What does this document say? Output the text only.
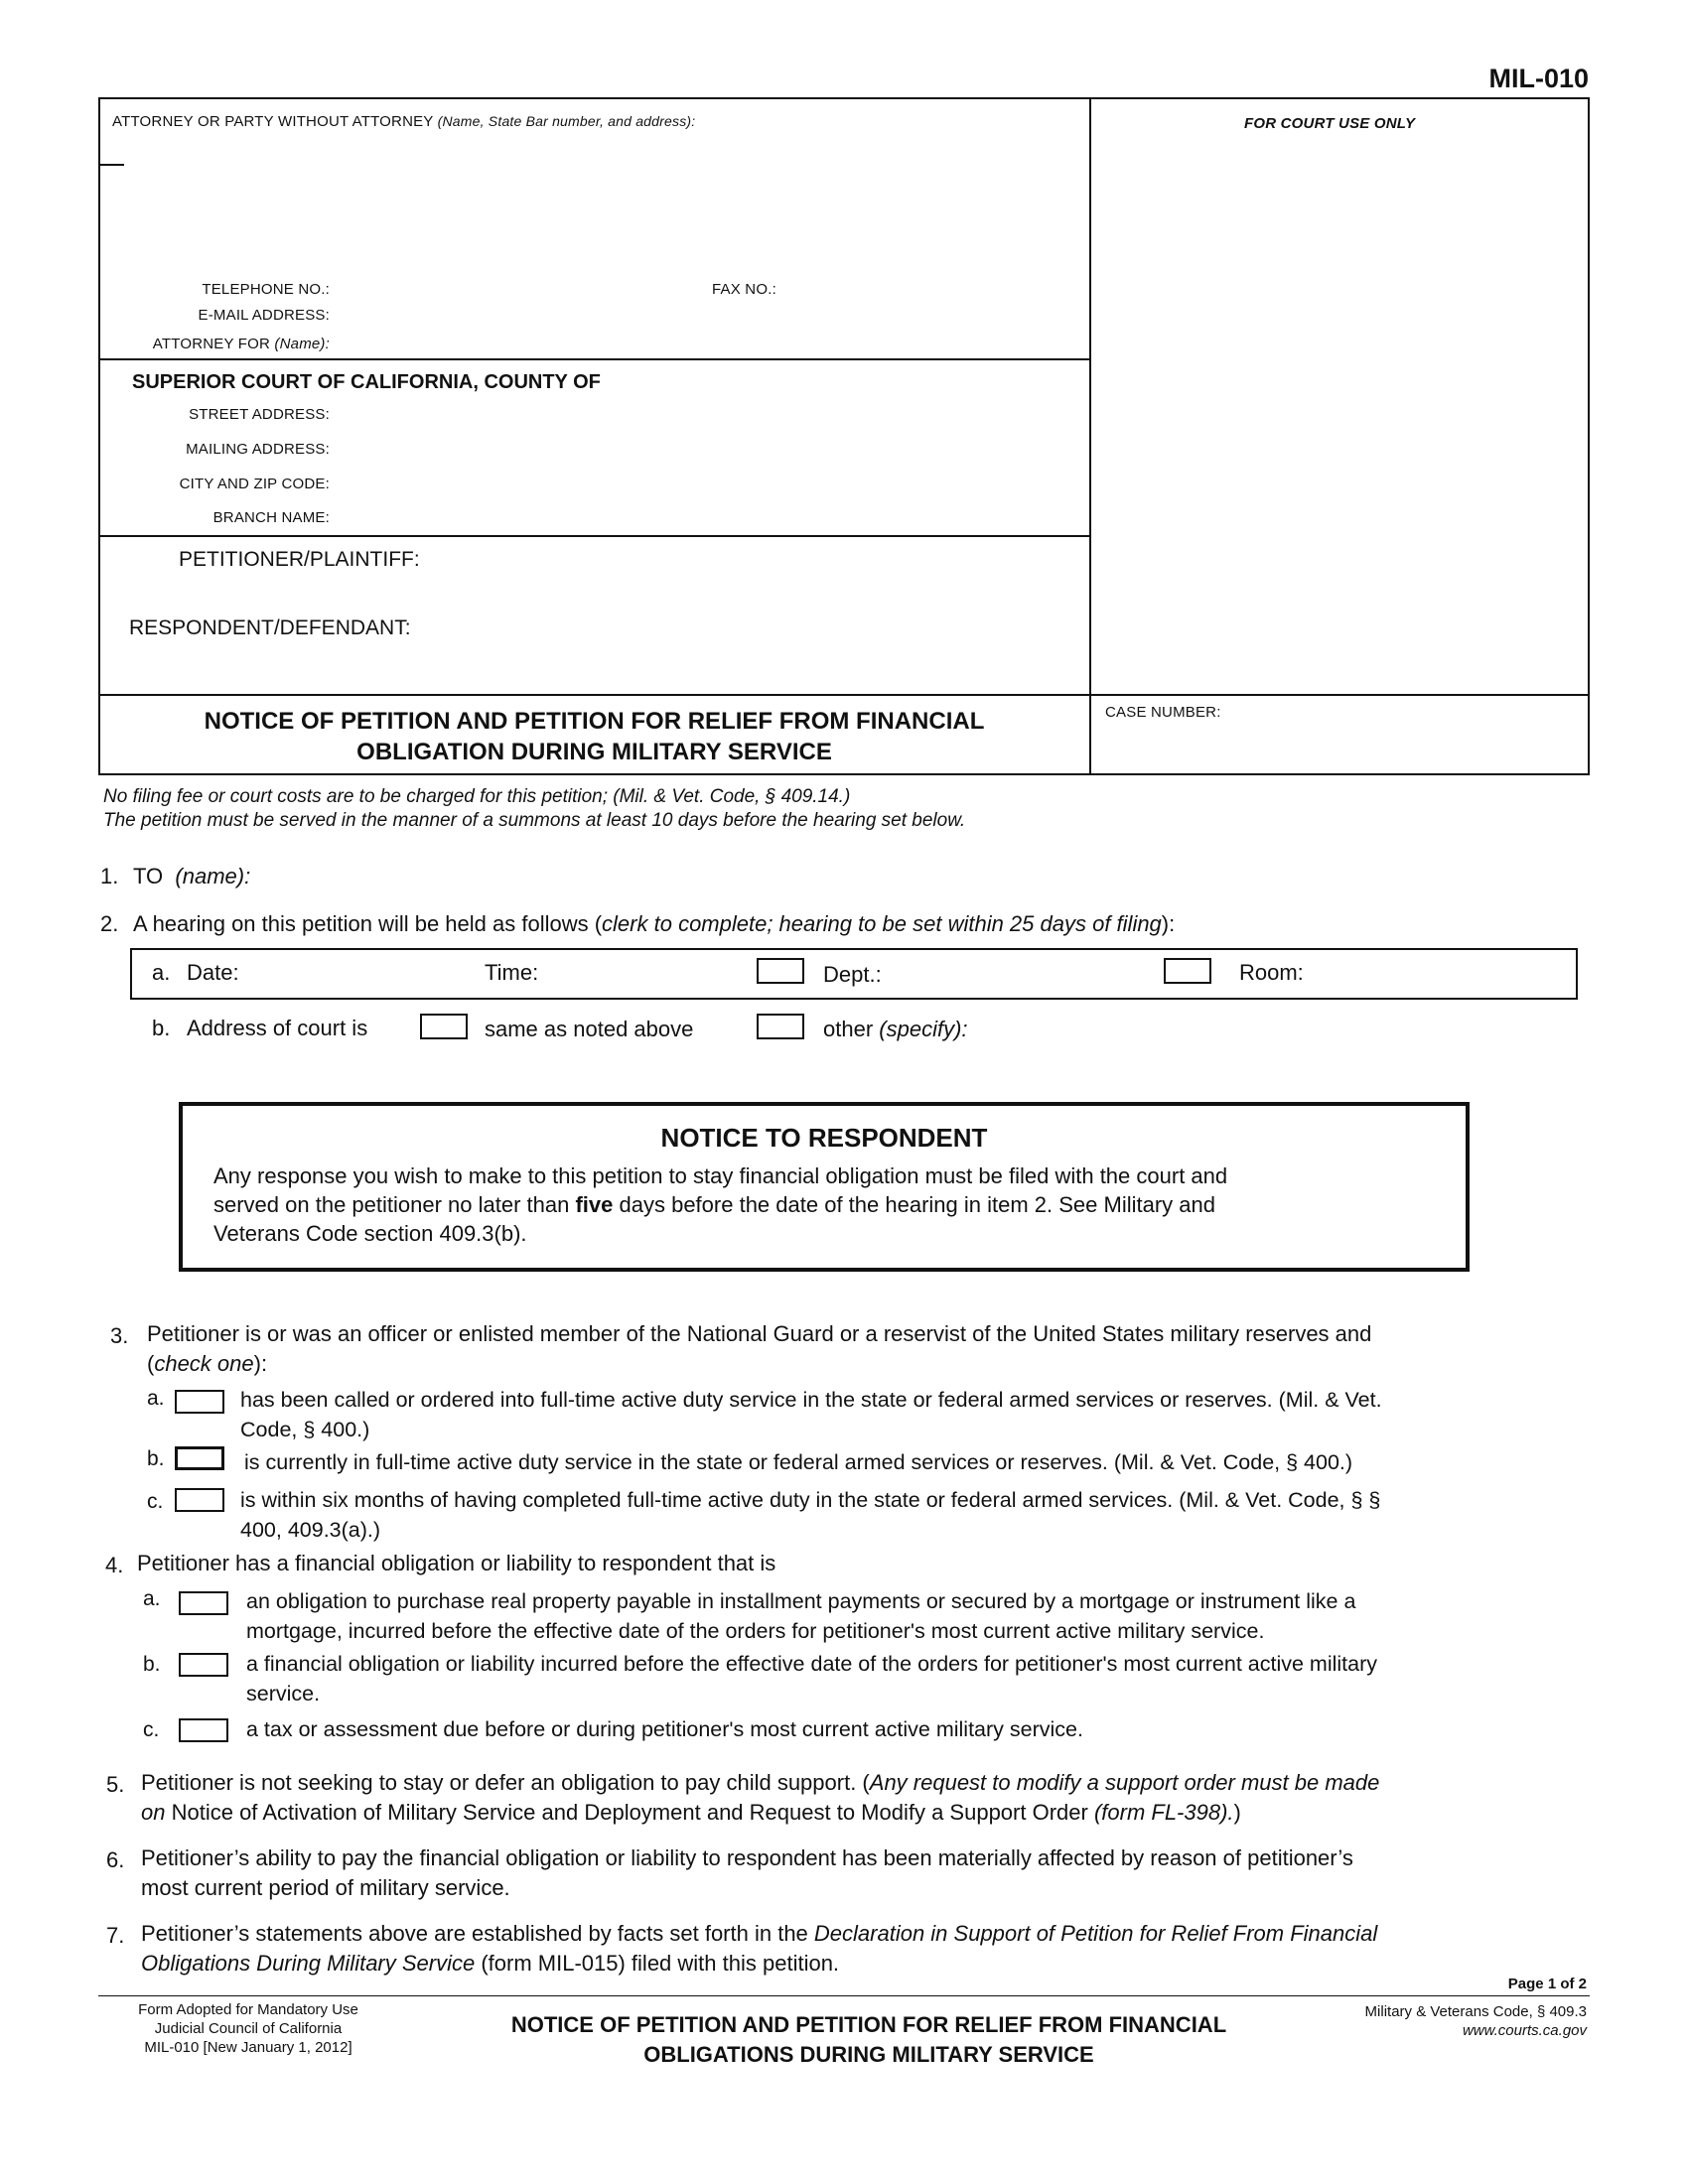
MIL-010
ATTORNEY OR PARTY WITHOUT ATTORNEY (Name, State Bar number, and address):	FOR COURT USE ONLY
TELEPHONE NO.:	FAX NO.:
E-MAIL ADDRESS:
ATTORNEY FOR (Name):
SUPERIOR COURT OF CALIFORNIA, COUNTY OF
STREET ADDRESS:
MAILING ADDRESS:
CITY AND ZIP CODE:
BRANCH NAME:
PETITIONER/PLAINTIFF:
RESPONDENT/DEFENDANT:
NOTICE OF PETITION AND PETITION FOR RELIEF FROM FINANCIAL
OBLIGATION DURING MILITARY SERVICE
CASE NUMBER:
No filing fee or court costs are to be charged for this petition; (Mil. & Vet. Code, § 409.14.)
The petition must be served in the manner of a summons at least 10 days before the hearing set below.
1. TO (name):
2. A hearing on this petition will be held as follows (clerk to complete; hearing to be set within 25 days of filing):
a. Date:	Time:	Dept.:	Room:
b. Address of court is	same as noted above	other (specify):
NOTICE TO RESPONDENT
Any response you wish to make to this petition to stay financial obligation must be filed with the court and
served on the petitioner no later than five days before the date of the hearing in item 2. See Military and
Veterans Code section 409.3(b).
3. Petitioner is or was an officer or enlisted member of the National Guard or a reservist of the United States military reserves and
(check one):
a.	has been called or ordered into full-time active duty service in the state or federal armed services or reserves. (Mil. & Vet.
Code, § 400.)
b.	is currently in full-time active duty service in the state or federal armed services or reserves. (Mil. & Vet. Code, § 400.)
c.	is within six months of having completed full-time active duty in the state or federal armed services. (Mil. & Vet. Code, § §
400, 409.3(a).)
4. Petitioner has a financial obligation or liability to respondent that is
a.	an obligation to purchase real property payable in installment payments or secured by a mortgage or instrument like a
mortgage, incurred before the effective date of the orders for petitioner's most current active military service.
b.	a financial obligation or liability incurred before the effective date of the orders for petitioner's most current active military
service.
c.	a tax or assessment due before or during petitioner's most current active military service.
5. Petitioner is not seeking to stay or defer an obligation to pay child support. (Any request to modify a support order must be made
on Notice of Activation of Military Service and Deployment and Request to Modify a Support Order (form FL-398).)
6. Petitioner’s ability to pay the financial obligation or liability to respondent has been materially affected by reason of petitioner’s
most current period of military service.
7. Petitioner’s statements above are established by facts set forth in the Declaration in Support of Petition for Relief From Financial
Obligations During Military Service (form MIL-015) filed with this petition.
Page 1 of 2
Form Adopted for Mandatory Use
Judicial Council of California
MIL-010 [New January 1, 2012]
NOTICE OF PETITION AND PETITION FOR RELIEF FROM FINANCIAL
OBLIGATIONS DURING MILITARY SERVICE
Military & Veterans Code, § 409.3
www.courts.ca.gov
